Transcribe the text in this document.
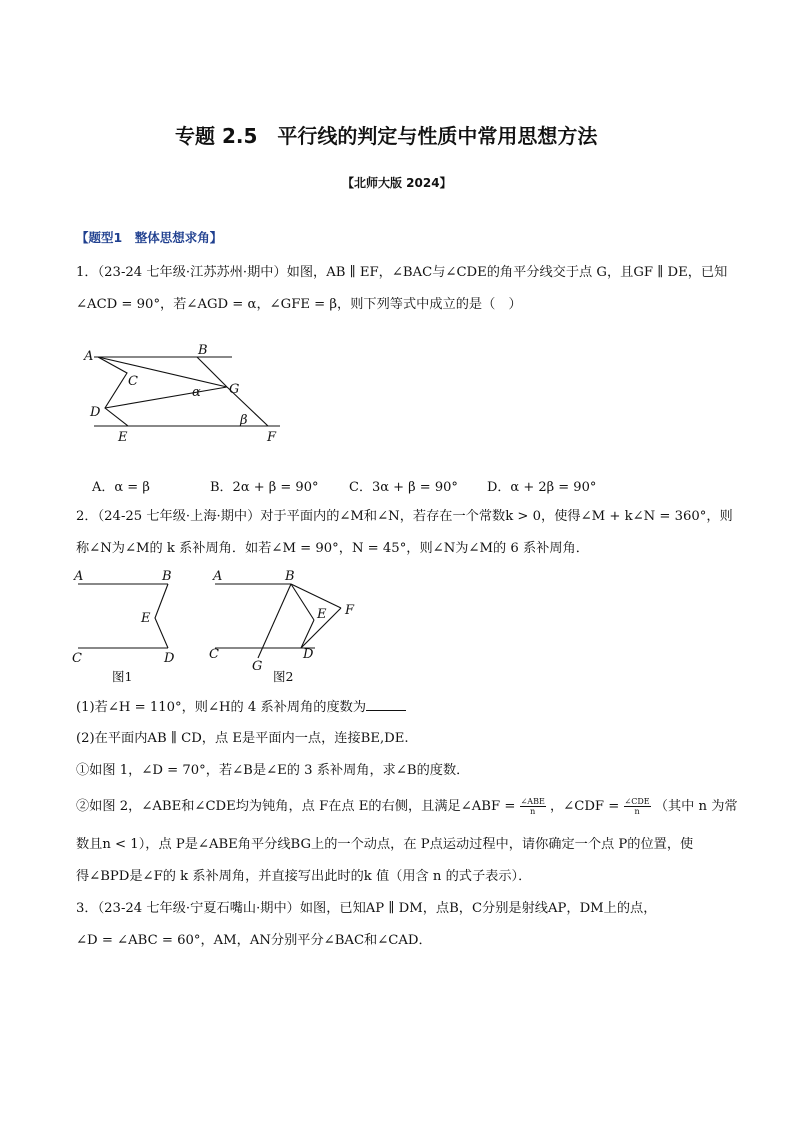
专题 2.5　平行线的判定与性质中常用思想方法
【北师大版 2024】
【题型1　整体思想求角】
1．（23-24 七年级·江苏苏州·期中）如图，AB ∥ EF，∠BAC与∠CDE的角平分线交于点 G，且GF ∥ DE，已知
∠ACD = 90°，若∠AGD = α，∠GFE = β，则下列等式中成立的是（　）
A	B
C
G
α
D
β
E	F
A．α = β	B．2α + β = 90° C．3α + β = 90° D．α + 2β = 90°
2．（24-25 七年级·上海·期中）对于平面内的∠M和∠N，若存在一个常数k > 0，使得∠M + k∠N = 360°，则
称∠N为∠M的 k 系补周角．如若∠M = 90°，N = 45°，则∠N为∠M的 6 系补周角．
A	B
E
C	D
图1
A	B
F
E
C	D
G
图2
(1)若∠H = 110°，则∠H的 4 系补周角的度数为
(2)在平面内AB ∥ CD，点 E是平面内一点，连接BE,DE.
①如图 1，∠D = 70°，若∠B是∠E的 3 系补周角，求∠B的度数．
②如图 2，∠ABE和∠CDE均为钝角，点 F在点 E的右侧，且满足∠ABF = $\frac{\text{∠ABE}}{n}$ ，∠CDF = $\frac{\text{∠CDE}}{n}$ （其中 n 为常
数且n < 1），点 P是∠ABE角平分线BG上的一个动点，在 P点运动过程中，请你确定一个点 P的位置，使
得∠BPD是∠F的 k 系补周角，并直接写出此时的k 值（用含 n 的式子表示）．
3．（23-24 七年级·宁夏石嘴山·期中）如图，已知AP ∥ DM，点B，C分别是射线AP，DM上的点，
∠D = ∠ABC = 60°，AM，AN分别平分∠BAC和∠CAD．
